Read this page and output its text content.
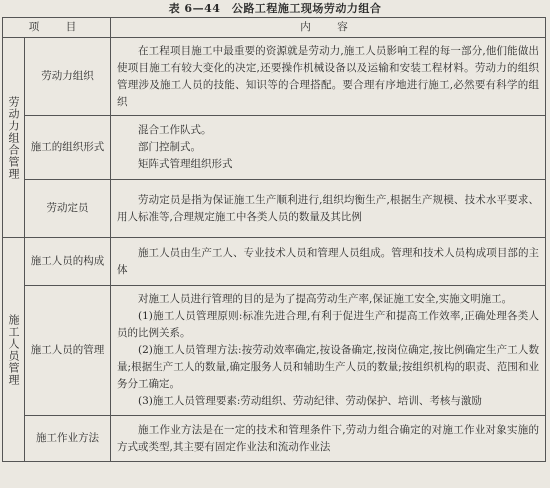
表 6—44　公路工程施工现场劳动力组合
项　目		内　容
劳动力组合管理	劳动力组织	在工程项目施工中最重要的资源就是劳动力,施工人员影响工程的每一部分,他们能做出使项目施工有较大变化的决定,还要操作机械设备以及运输和安装工程材料。劳动力的组织管理涉及施工人员的技能、知识等的合理搭配。要合理有序地进行施工,必然要有科学的组织

	施工的组织形式	混合工作队式。
部门控制式。
矩阵式管理组织形式

	劳动定员	劳动定员是指为保证施工生产顺利进行,组织均衡生产,根据生产规模、技术水平要求、用人标准等,合理规定施工中各类人员的数量及其比例

施工人员管理	施工人员的构成	施工人员由生产工人、专业技术人员和管理人员组成。管理和技术人员构成项目部的主体

	施工人员的管理	对施工人员进行管理的目的是为了提高劳动生产率,保证施工安全,实施文明施工。
(1)施工人员管理原则:标准先进合理,有利于促进生产和提高工作效率,正确处理各类人员的比例关系。
(2)施工人员管理方法:按劳动效率确定,按设备确定,按岗位确定,按比例确定生产工人数量;根据生产工人的数量,确定服务人员和辅助生产人员的数量;按组织机构的职责、范围和业务分工确定。
(3)施工人员管理要素:劳动组织、劳动纪律、劳动保护、培训、考核与激励

	施工作业方法	施工作业方法是在一定的技术和管理条件下,劳动力组合确定的对施工作业对象实施的方式或类型,其主要有固定作业法和流动作业法
